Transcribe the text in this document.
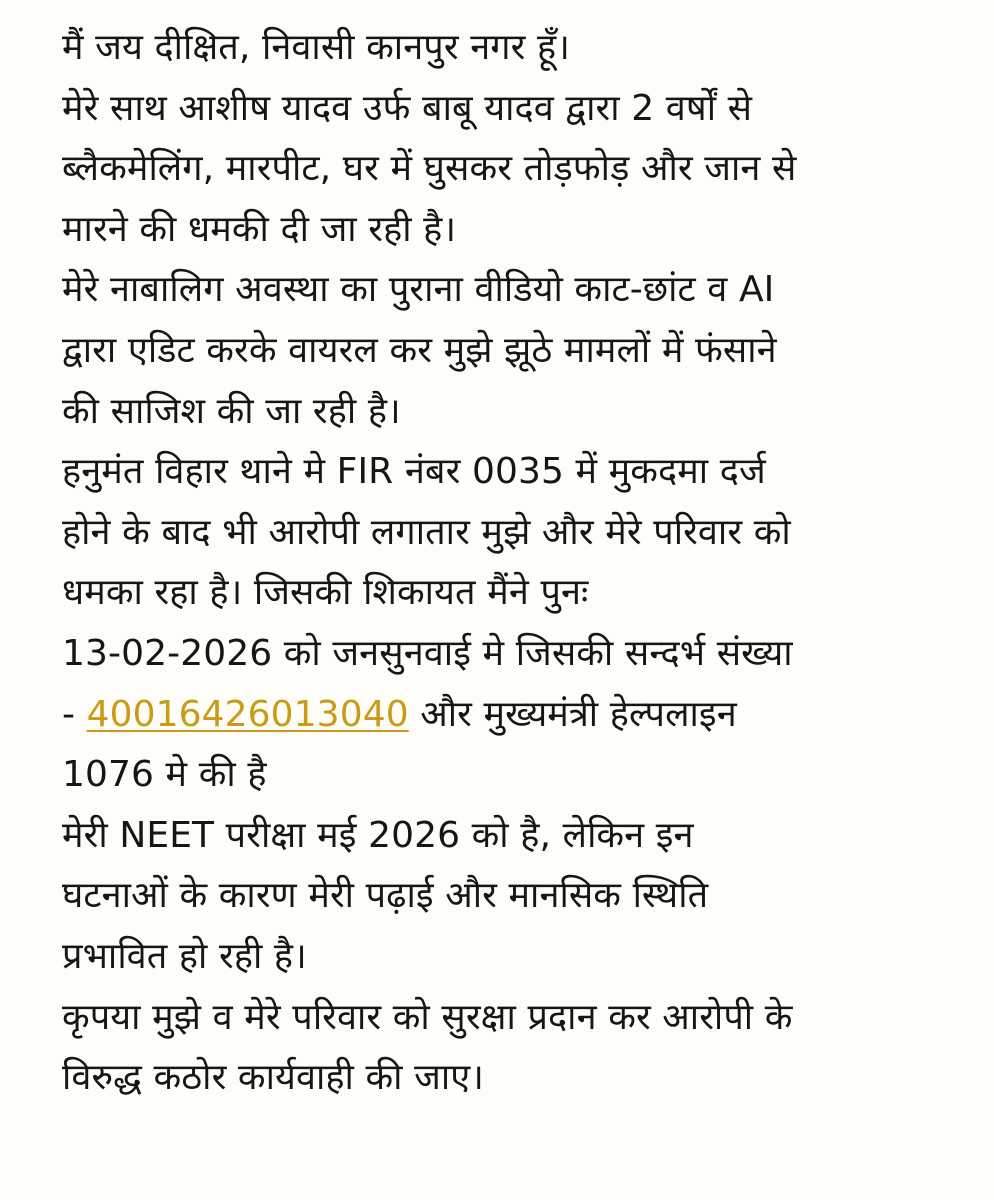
मैं जय दीक्षित, निवासी कानपुर नगर हूँ।
मेरे साथ आशीष यादव उर्फ बाबू यादव द्वारा 2 वर्षों से
ब्लैकमेलिंग, मारपीट, घर में घुसकर तोड़फोड़ और जान से
मारने की धमकी दी जा रही है।
मेरे नाबालिग अवस्था का पुराना वीडियो काट-छांट व AI
द्वारा एडिट करके वायरल कर मुझे झूठे मामलों में फंसाने
की साजिश की जा रही है।
हनुमंत विहार थाने मे FIR नंबर 0035 में मुकदमा दर्ज
होने के बाद भी आरोपी लगातार मुझे और मेरे परिवार को
धमका रहा है। जिसकी शिकायत मैंने पुनः
13-02-2026 को जनसुनवाई मे जिसकी सन्दर्भ संख्या
- 40016426013040 और मुख्यमंत्री हेल्पलाइन
1076 मे की है
मेरी NEET परीक्षा मई 2026 को है, लेकिन इन
घटनाओं के कारण मेरी पढ़ाई और मानसिक स्थिति
प्रभावित हो रही है।
कृपया मुझे व मेरे परिवार को सुरक्षा प्रदान कर आरोपी के
विरुद्ध कठोर कार्यवाही की जाए।
